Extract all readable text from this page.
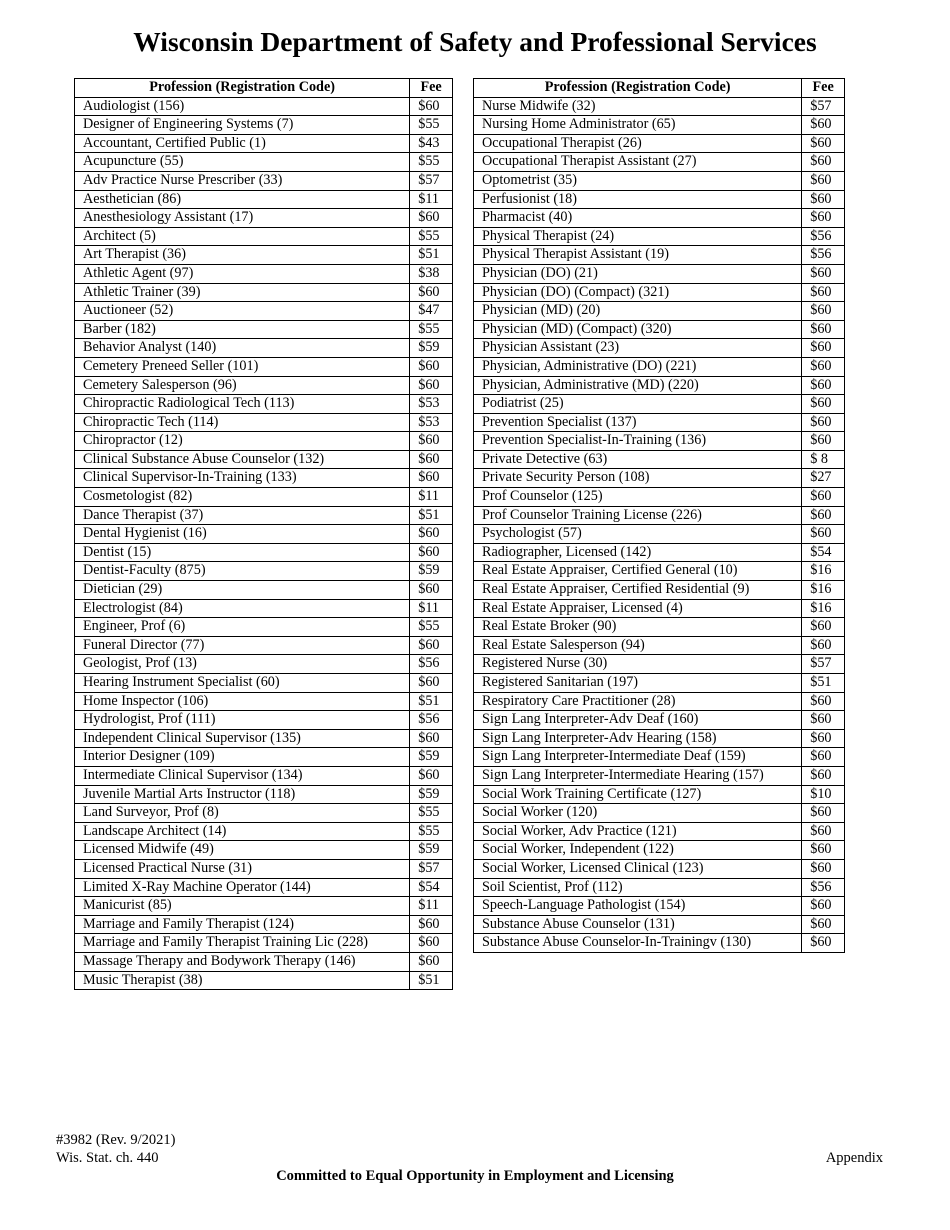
Wisconsin Department of Safety and Professional Services
Profession (Registration Code)	Fee
Audiologist (156)	$60
Designer of Engineering Systems (7)	$55
Accountant, Certified Public (1)	$43
Acupuncture (55)	$55
Adv Practice Nurse Prescriber (33)	$57
Aesthetician (86)	$11
Anesthesiology Assistant (17)	$60
Architect (5)	$55
Art Therapist (36)	$51
Athletic Agent (97)	$38
Athletic Trainer (39)	$60
Auctioneer (52)	$47
Barber (182)	$55
Behavior Analyst (140)	$59
Cemetery Preneed Seller (101)	$60
Cemetery Salesperson (96)	$60
Chiropractic Radiological Tech (113)	$53
Chiropractic Tech (114)	$53
Chiropractor (12)	$60
Clinical Substance Abuse Counselor (132)	$60
Clinical Supervisor-In-Training (133)	$60
Cosmetologist (82)	$11
Dance Therapist (37)	$51
Dental Hygienist (16)	$60
Dentist (15)	$60
Dentist-Faculty (875)	$59
Dietician (29)	$60
Electrologist (84)	$11
Engineer, Prof (6)	$55
Funeral Director (77)	$60
Geologist, Prof (13)	$56
Hearing Instrument Specialist (60)	$60
Home Inspector (106)	$51
Hydrologist, Prof (111)	$56
Independent Clinical Supervisor (135)	$60
Interior Designer (109)	$59
Intermediate Clinical Supervisor (134)	$60
Juvenile Martial Arts Instructor (118)	$59
Land Surveyor, Prof (8)	$55
Landscape Architect (14)	$55
Licensed Midwife (49)	$59
Licensed Practical Nurse (31)	$57
Limited X-Ray Machine Operator (144)	$54
Manicurist (85)	$11
Marriage and Family Therapist (124)	$60
Marriage and Family Therapist Training Lic (228)	$60
Massage Therapy and Bodywork Therapy (146)	$60
Music Therapist (38)	$51
Profession (Registration Code)	Fee
Nurse Midwife (32)	$57
Nursing Home Administrator (65)	$60
Occupational Therapist (26)	$60
Occupational Therapist Assistant (27)	$60
Optometrist (35)	$60
Perfusionist (18)	$60
Pharmacist (40)	$60
Physical Therapist (24)	$56
Physical Therapist Assistant (19)	$56
Physician (DO) (21)	$60
Physician (DO) (Compact) (321)	$60
Physician (MD) (20)	$60
Physician (MD) (Compact) (320)	$60
Physician Assistant (23)	$60
Physician, Administrative (DO) (221)	$60
Physician, Administrative (MD) (220)	$60
Podiatrist (25)	$60
Prevention Specialist (137)	$60
Prevention Specialist-In-Training (136)	$60
Private Detective (63)	$ 8
Private Security Person (108)	$27
Prof Counselor (125)	$60
Prof Counselor Training License (226)	$60
Psychologist (57)	$60
Radiographer, Licensed (142)	$54
Real Estate Appraiser, Certified General (10)	$16
Real Estate Appraiser, Certified Residential (9)	$16
Real Estate Appraiser, Licensed (4)	$16
Real Estate Broker (90)	$60
Real Estate Salesperson (94)	$60
Registered Nurse (30)	$57
Registered Sanitarian (197)	$51
Respiratory Care Practitioner (28)	$60
Sign Lang Interpreter-Adv Deaf (160)	$60
Sign Lang Interpreter-Adv Hearing (158)	$60
Sign Lang Interpreter-Intermediate Deaf (159)	$60
Sign Lang Interpreter-Intermediate Hearing (157)	$60
Social Work Training Certificate (127)	$10
Social Worker (120)	$60
Social Worker, Adv Practice (121)	$60
Social Worker, Independent (122)	$60
Social Worker, Licensed Clinical (123)	$60
Soil Scientist, Prof (112)	$56
Speech-Language Pathologist (154)	$60
Substance Abuse Counselor (131)	$60
Substance Abuse Counselor-In-Trainingv (130)	$60

#3982 (Rev. 9/2021)

Wis. Stat. ch. 440	Appendix

Committed to Equal Opportunity in Employment and Licensing
